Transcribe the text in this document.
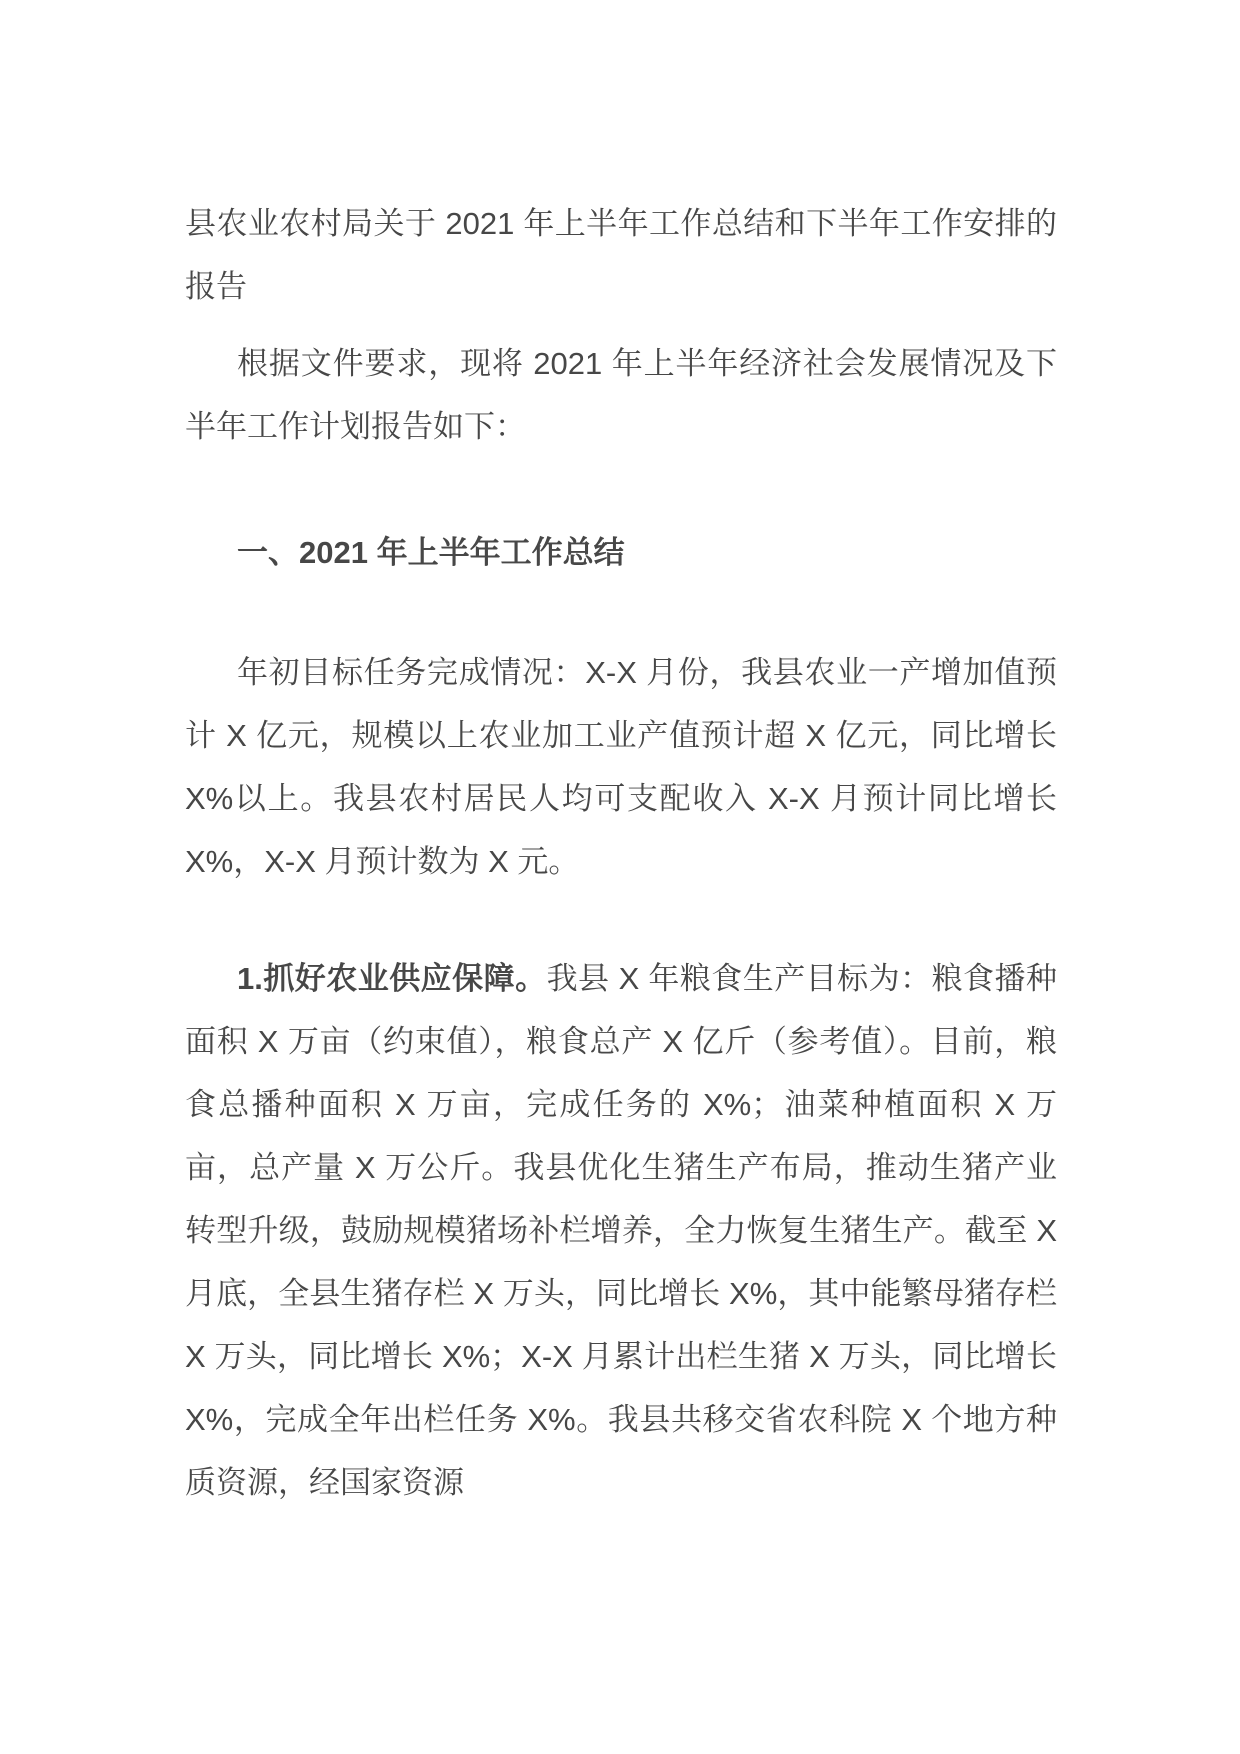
县农业农村局关于 2021 年上半年工作总结和下半年工作安排的报告

根据文件要求，现将 2021 年上半年经济社会发展情况及下半年工作计划报告如下：

一、2021 年上半年工作总结

年初目标任务完成情况：X-X 月份，我县农业一产增加值预计 X 亿元，规模以上农业加工业产值预计超 X 亿元，同比增长 X%以上。我县农村居民人均可支配收入 X-X 月预计同比增长 X%，X-X 月预计数为 X 元。

1.抓好农业供应保障。我县 X 年粮食生产目标为：粮食播种面积 X 万亩（约束值），粮食总产 X 亿斤（参考值）。目前，粮食总播种面积 X 万亩，完成任务的 X%；油菜种植面积 X 万亩，总产量 X 万公斤。我县优化生猪生产布局，推动生猪产业转型升级，鼓励规模猪场补栏增养，全力恢复生猪生产。截至 X 月底，全县生猪存栏 X 万头，同比增长 X%，其中能繁母猪存栏 X 万头，同比增长 X%；X-X 月累计出栏生猪 X 万头，同比增长 X%，完成全年出栏任务 X%。我县共移交省农科院 X 个地方种质资源，经国家资源
